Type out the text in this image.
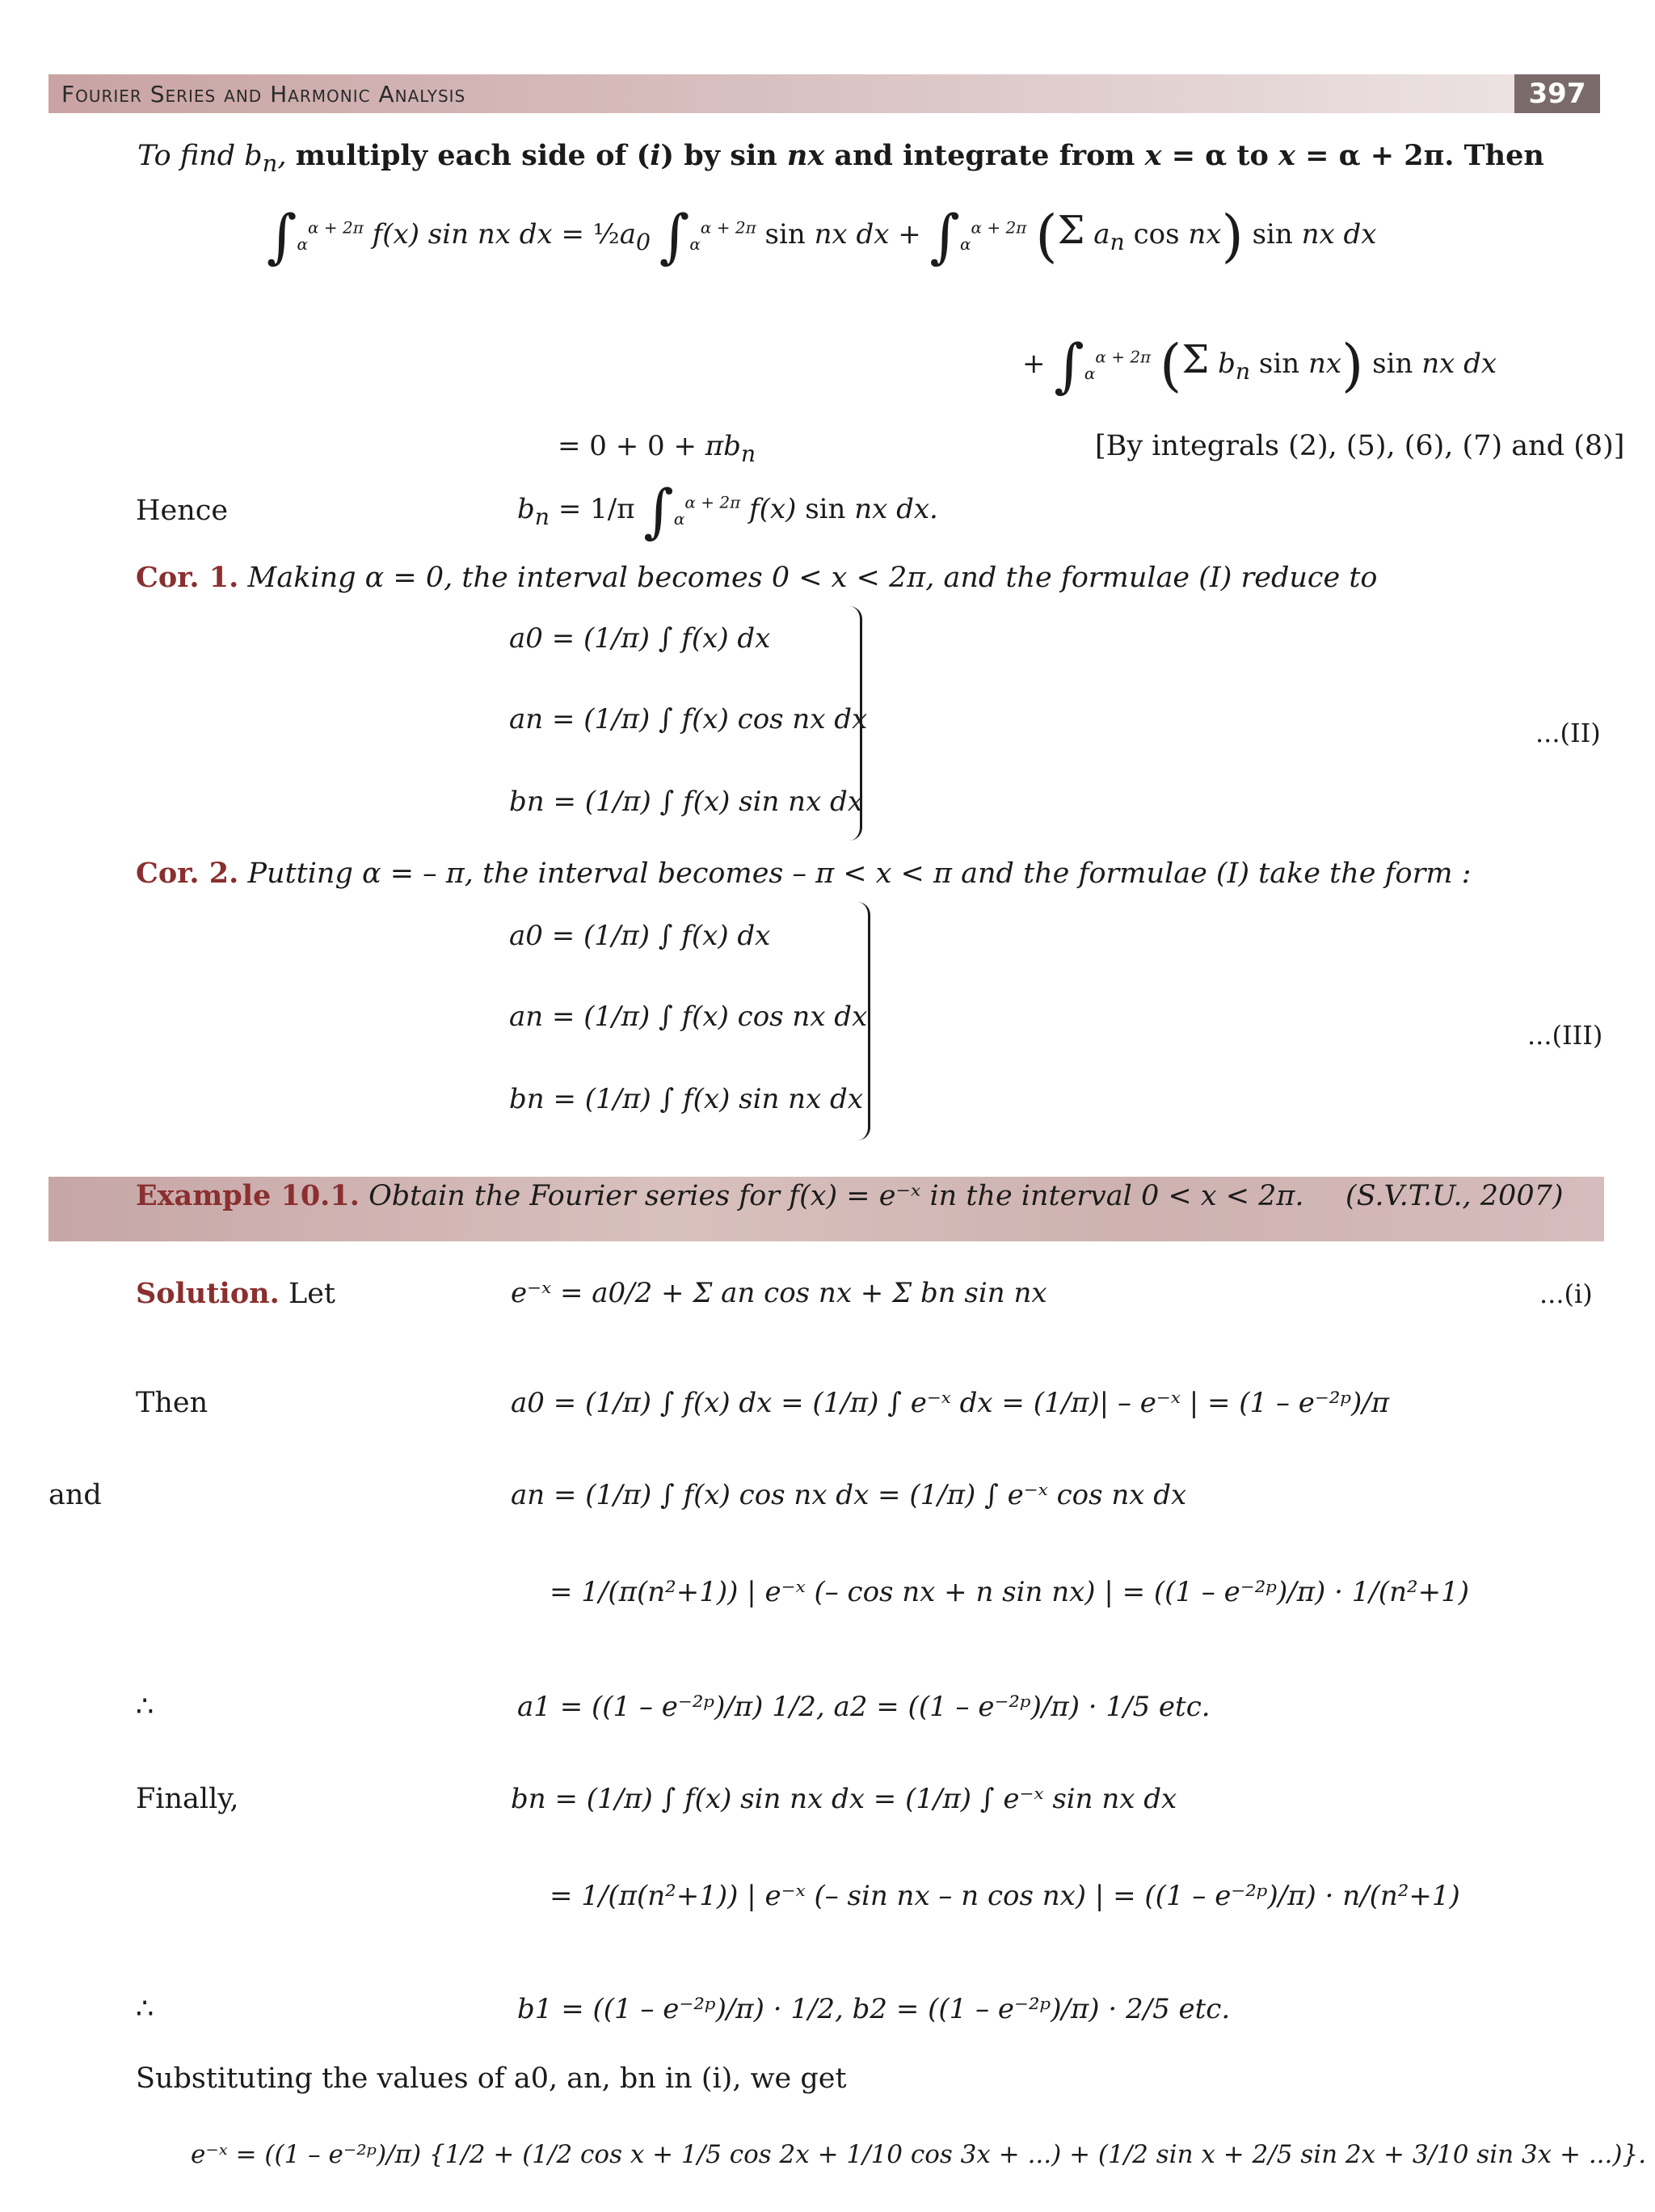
Fourier Series and Harmonic Analysis	397
To find $b_n$, multiply each side of (i) by sin nx and integrate from x = α to x = α + 2π. Then
$\int_\alpha^{\alpha + 2\pi}$ f(x) sin nx dx = $\frac{1}{2}a_0$ $\int_\alpha^{\alpha + 2\pi}$ sin nx dx + $\int_\alpha^{\alpha + 2\pi}$ (Σ $a_n$ cos nx) sin nx dx
+ $\int_\alpha^{\alpha + 2\pi}$ (Σ $b_n$ sin nx) sin nx dx
= $0 + 0 + \pi b_n$	[By integrals (2), (5), (6), (7) and (8)]
Hence	$b_n = 1/\pi$ $\int_\alpha^{\alpha + 2\pi}$ f(x) sin nx dx.
Cor. 1. Making α = 0, the interval becomes 0 < x < 2π, and the formulae (I) reduce to
a0 = (1/π) ∫ f(x) dx
an = (1/π) ∫ f(x) cos nx dx
bn = (1/π) ∫ f(x) sin nx dx
...(II)
Cor. 2. Putting α = – π, the interval becomes – π < x < π and the formulae (I) take the form :
a0 = (1/π) ∫ f(x) dx
an = (1/π) ∫ f(x) cos nx dx
bn = (1/π) ∫ f(x) sin nx dx
...(III)
Example 10.1. Obtain the Fourier series for f(x) = e⁻ˣ in the interval 0 < x < 2π. (S.V.T.U., 2007)
Solution. Let	e⁻ˣ = a0/2 + Σ an cos nx + Σ bn sin nx	...(i)
Then	a0 = (1/π) ∫ f(x) dx = (1/π) ∫ e⁻ˣ dx = (1/π)| – e⁻ˣ | = (1 – e⁻²ᵖ)/π
and	an = (1/π) ∫ f(x) cos nx dx = (1/π) ∫ e⁻ˣ cos nx dx
= 1/(π(n²+1)) | e⁻ˣ (– cos nx + n sin nx) | = ((1 – e⁻²ᵖ)/π) · 1/(n²+1)
∴	a1 = ((1 – e⁻²ᵖ)/π) 1/2, a2 = ((1 – e⁻²ᵖ)/π) · 1/5 etc.
Finally,	bn = (1/π) ∫ f(x) sin nx dx = (1/π) ∫ e⁻ˣ sin nx dx
= 1/(π(n²+1)) | e⁻ˣ (– sin nx – n cos nx) | = ((1 – e⁻²ᵖ)/π) · n/(n²+1)
∴	b1 = ((1 – e⁻²ᵖ)/π) · 1/2, b2 = ((1 – e⁻²ᵖ)/π) · 2/5 etc.
Substituting the values of a0, an, bn in (i), we get
e⁻ˣ = ((1 – e⁻²ᵖ)/π) {1/2 + (1/2 cos x + 1/5 cos 2x + 1/10 cos 3x + ...) + (1/2 sin x + 2/5 sin 2x + 3/10 sin 3x + ...)}.
